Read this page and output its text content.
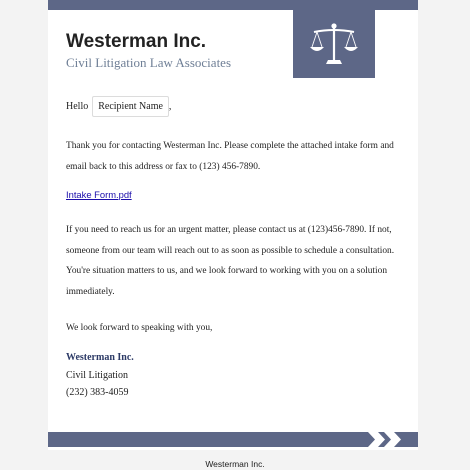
Westerman Inc.
Civil Litigation Law Associates
Hello	Recipient Name ,
Thank you for contacting Westerman Inc. Please complete the attached intake form and email back to this address or fax to (123) 456-7890.
Intake Form.pdf
If you need to reach us for an urgent matter, please contact us at (123)456-7890. If not, someone from our team will reach out to as soon as possible to schedule a consultation. You're situation matters to us, and we look forward to working with you on a solution immediately.
We look forward to speaking with you,
Westerman Inc.
Civil Litigation
(232) 383-4059
Westerman Inc.
